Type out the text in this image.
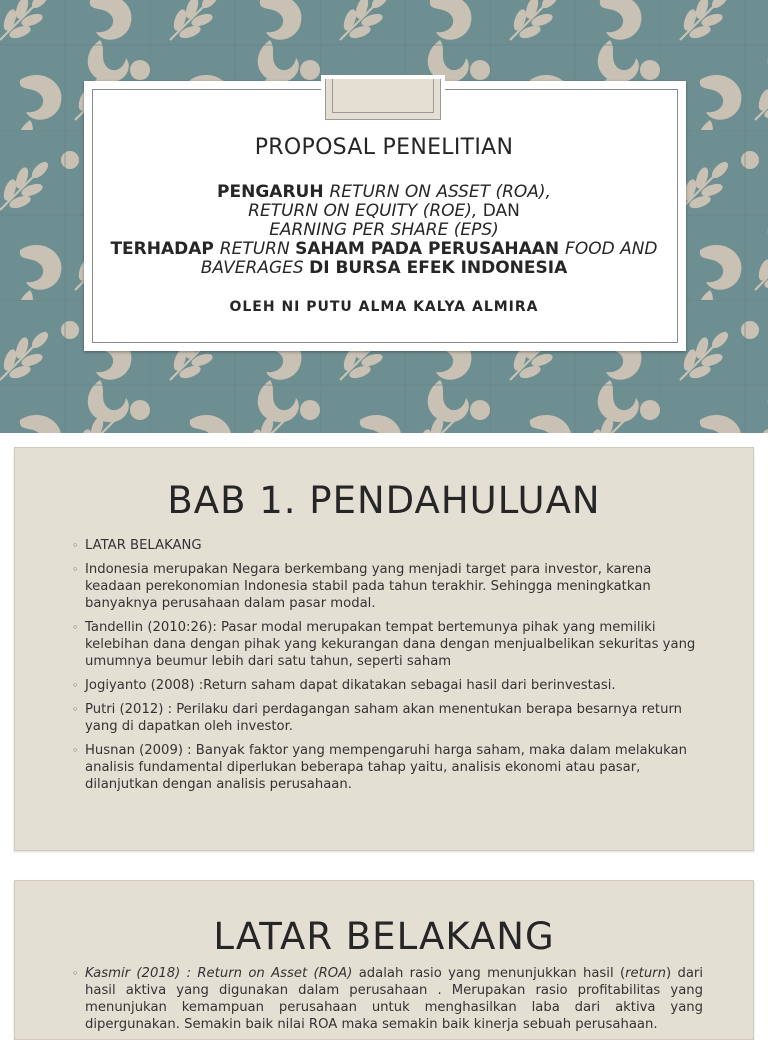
PROPOSAL PENELITIAN
PENGARUH RETURN ON ASSET (ROA),
RETURN ON EQUITY (ROE), DAN
EARNING PER SHARE (EPS)
TERHADAP RETURN SAHAM PADA PERUSAHAAN FOOD AND
BAVERAGES DI BURSA EFEK INDONESIA
OLEH NI PUTU ALMA KALYA ALMIRA
BAB 1. PENDAHULUAN
◦ LATAR BELAKANG
◦ Indonesia merupakan Negara berkembang yang menjadi target para investor, karena keadaan perekonomian Indonesia stabil pada tahun terakhir. Sehingga meningkatkan banyaknya perusahaan dalam pasar modal.
◦ Tandellin (2010:26): Pasar modal merupakan tempat bertemunya pihak yang memiliki kelebihan dana dengan pihak yang kekurangan dana dengan menjualbelikan sekuritas yang umumnya beumur lebih dari satu tahun, seperti saham
◦ Jogiyanto (2008) :Return saham dapat dikatakan sebagai hasil dari berinvestasi.
◦ Putri (2012) : Perilaku dari perdagangan saham akan menentukan berapa besarnya return yang di dapatkan oleh investor.
◦ Husnan (2009) : Banyak faktor yang mempengaruhi harga saham, maka dalam melakukan analisis fundamental diperlukan beberapa tahap yaitu, analisis ekonomi atau pasar, dilanjutkan dengan analisis perusahaan.
LATAR BELAKANG
◦ Kasmir (2018) : Return on Asset (ROA) adalah rasio yang menunjukkan hasil (return) dari hasil aktiva yang digunakan dalam perusahaan . Merupakan rasio profitabilitas yang menunjukan kemampuan perusahaan untuk menghasilkan laba dari aktiva yang dipergunakan. Semakin baik nilai ROA maka semakin baik kinerja sebuah perusahaan.
